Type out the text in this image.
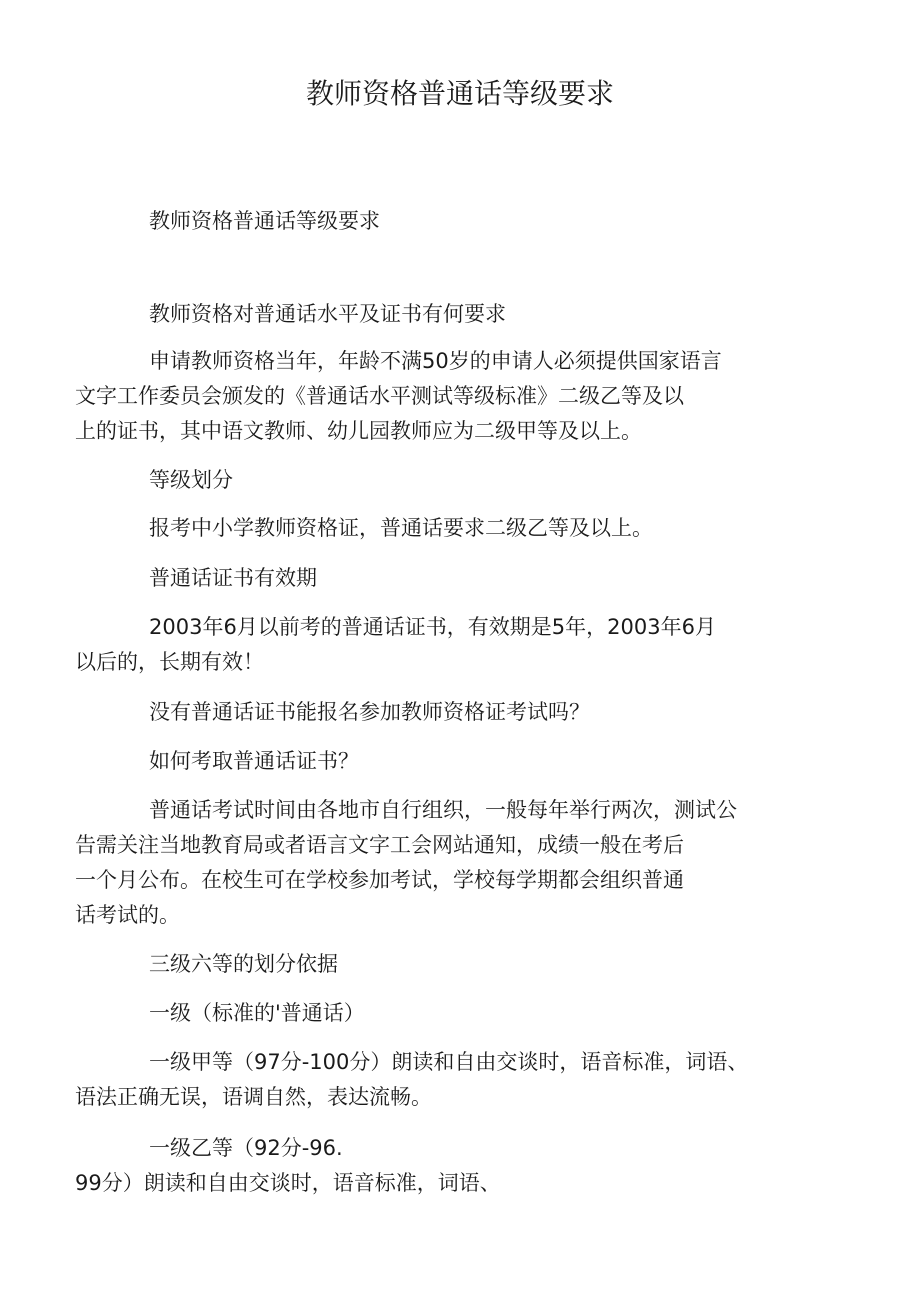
教师资格普通话等级要求

教师资格普通话等级要求

教师资格对普通话水平及证书有何要求

申请教师资格当年，年龄不满50岁的申请人必须提供国家语言
文字工作委员会颁发的《普通话水平测试等级标准》二级乙等及以
上的证书，其中语文教师、幼儿园教师应为二级甲等及以上。

等级划分

报考中小学教师资格证，普通话要求二级乙等及以上。

普通话证书有效期

2003年6月以前考的普通话证书，有效期是5年，2003年6月
以后的，长期有效！

没有普通话证书能报名参加教师资格证考试吗？

如何考取普通话证书？

普通话考试时间由各地市自行组织，一般每年举行两次，测试公
告需关注当地教育局或者语言文字工会网站通知，成绩一般在考后
一个月公布。在校生可在学校参加考试，学校每学期都会组织普通
话考试的。

三级六等的划分依据

一级（标准的'普通话）

一级甲等（97分-100分）朗读和自由交谈时，语音标准，词语、
语法正确无误，语调自然，表达流畅。

一级乙等（92分-96.
99分）朗读和自由交谈时，语音标准，词语、
